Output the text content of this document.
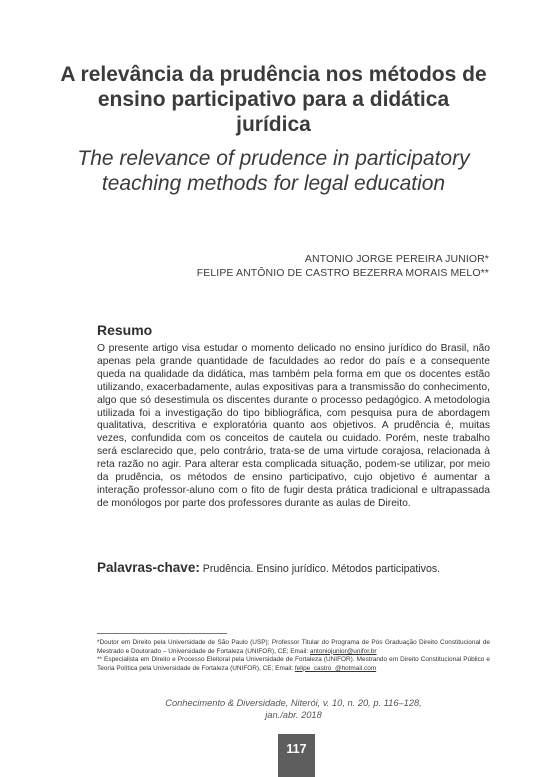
A relevância da prudência nos métodos de ensino participativo para a didática jurídica
The relevance of prudence in participatory teaching methods for legal education
ANTONIO JORGE PEREIRA JUNIOR*
FELIPE ANTÔNIO DE CASTRO BEZERRA MORAIS MELO**
Resumo
O presente artigo visa estudar o momento delicado no ensino jurídico do Brasil, não apenas pela grande quantidade de faculdades ao redor do país e a consequente queda na qualidade da didática, mas também pela forma em que os docentes estão utilizando, exacerbadamente, aulas expositivas para a transmissão do conhecimento, algo que só desestimula os discentes durante o processo pedagógico. A metodologia utilizada foi a investigação do tipo bibliográfica, com pesquisa pura de abordagem qualitativa, descritiva e exploratória quanto aos objetivos. A prudência é, muitas vezes, confundida com os conceitos de cautela ou cuidado. Porém, neste trabalho será esclarecido que, pelo contrário, trata-se de uma virtude corajosa, relacionada à reta razão no agir. Para alterar esta complicada situação, podem-se utilizar, por meio da prudência, os métodos de ensino participativo, cujo objetivo é aumentar a interação professor-aluno com o fito de fugir desta prática tradicional e ultrapassada de monólogos por parte dos professores durante as aulas de Direito.
Palavras-chave: Prudência. Ensino jurídico. Métodos participativos.

*Doutor em Direito pela Universidade de São Paulo (USP); Professor Titular do Programa de Pós Graduação Direito Constitucional de Mestrado e Doutorado – Universidade de Fortaleza (UNIFOR), CE; Email: antoniojunior@unifor.br

** Especialista em Direito e Processo Eleitoral pela Universidade de Fortaleza (UNIFOR). Mestrando em Direito Constitucional Público e Teoria Política pela Universidade de Fortaleza (UNIFOR), CE; Email: felipe_castro_@hotmail.com

Conhecimento & Diversidade, Niterói, v. 10, n. 20, p. 116–128,
jan./abr. 2018
117
